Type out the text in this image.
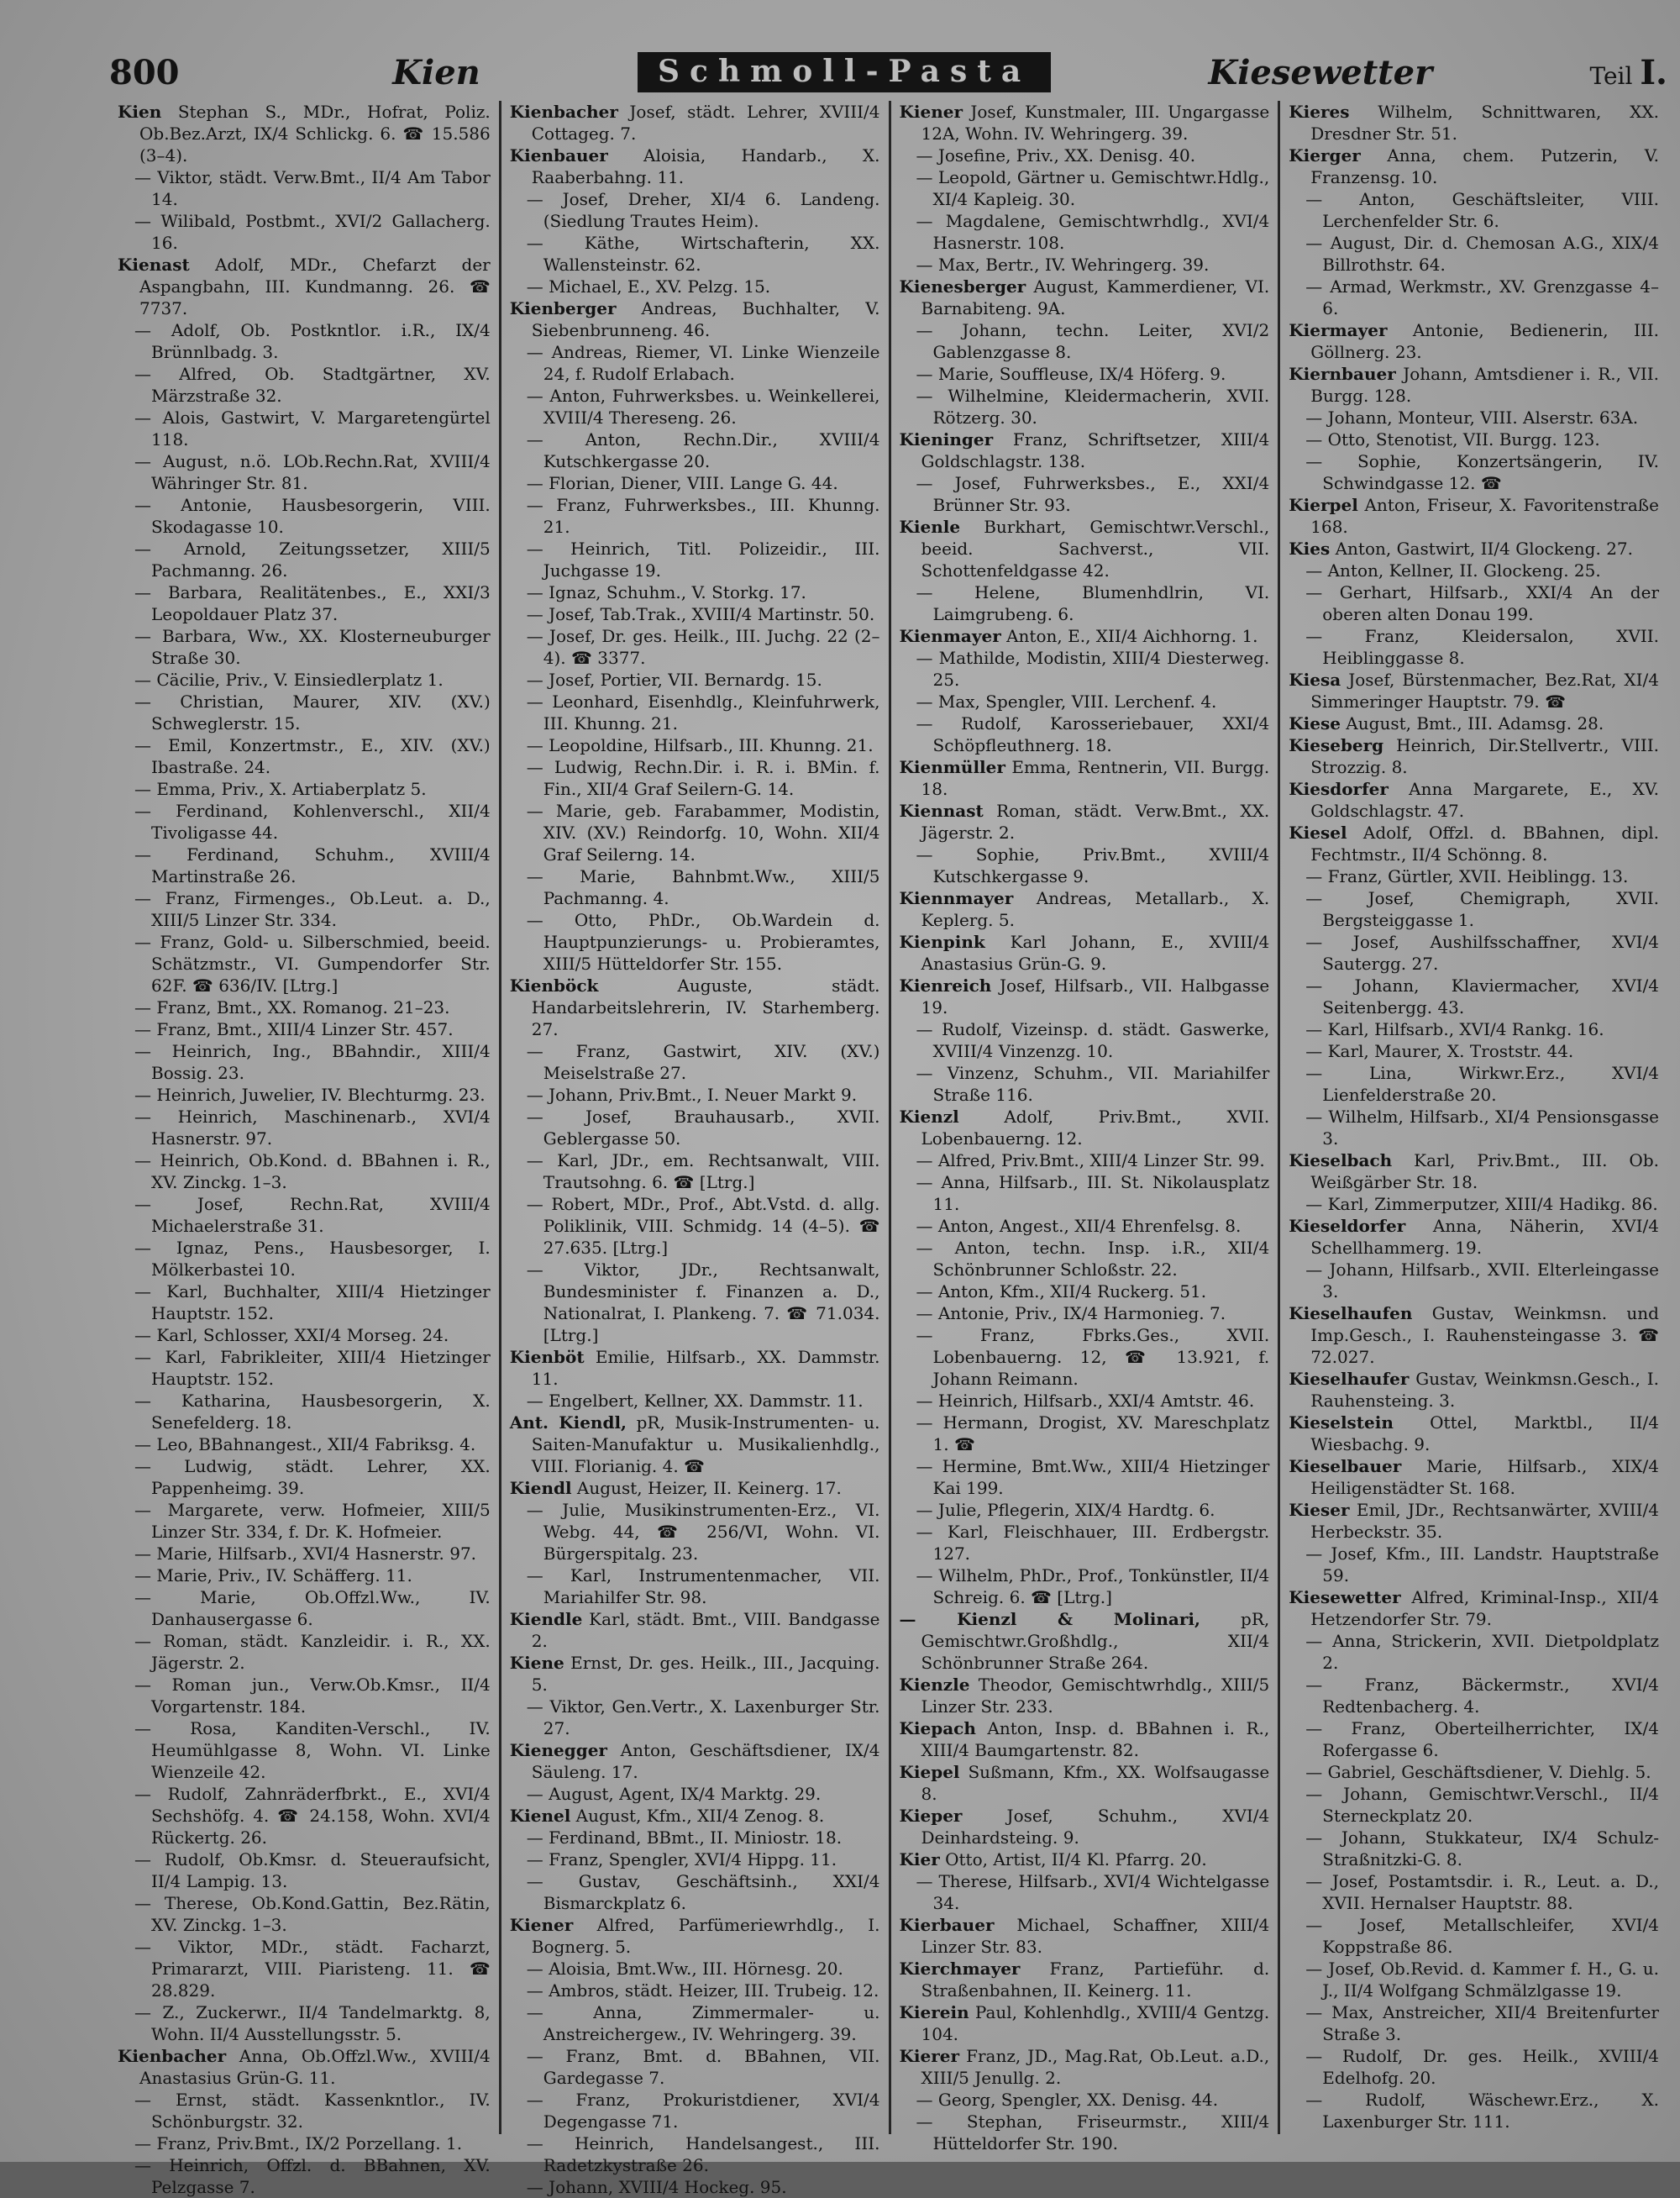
800	Kien	Schmoll-Pasta	Kiesewetter	Teil I.
Kien Stephan S., MDr., Hofrat, Poliz. Ob.Bez.Arzt, IX/4 Schlickg. 6. ☎ 15.586 (3–4).
— Viktor, städt. Verw.Bmt., II/4 Am Tabor 14.
— Wilibald, Postbmt., XVI/2 Gallacherg. 16.
Kienast Adolf, MDr., Chefarzt der Aspangbahn, III. Kundmanng. 26. ☎ 7737.
— Adolf, Ob. Postkntlor. i.R., IX/4 Brünnlbadg. 3.
— Alfred, Ob. Stadtgärtner, XV. Märzstraße 32.
— Alois, Gastwirt, V. Margaretengürtel 118.
— August, n.ö. LOb.Rechn.Rat, XVIII/4 Währinger Str. 81.
— Antonie, Hausbesorgerin, VIII. Skodagasse 10.
— Arnold, Zeitungssetzer, XIII/5 Pachmanng. 26.
— Barbara, Realitätenbes., E., XXI/3 Leopoldauer Platz 37.
— Barbara, Ww., XX. Klosterneuburger Straße 30.
— Cäcilie, Priv., V. Einsiedlerplatz 1.
— Christian, Maurer, XIV. (XV.) Schweglerstr. 15.
— Emil, Konzertmstr., E., XIV. (XV.) Ibastraße. 24.
— Emma, Priv., X. Artiaberplatz 5.
— Ferdinand, Kohlenverschl., XII/4 Tivoligasse 44.
— Ferdinand, Schuhm., XVIII/4 Martinstraße 26.
— Franz, Firmenges., Ob.Leut. a. D., XIII/5 Linzer Str. 334.
— Franz, Gold- u. Silberschmied, beeid. Schätzmstr., VI. Gumpendorfer Str. 62F. ☎ 636/IV. [Ltrg.]
— Franz, Bmt., XX. Romanog. 21–23.
— Franz, Bmt., XIII/4 Linzer Str. 457.
— Heinrich, Ing., BBahndir., XIII/4 Bossig. 23.
— Heinrich, Juwelier, IV. Blechturmg. 23.
— Heinrich, Maschinenarb., XVI/4 Hasnerstr. 97.
— Heinrich, Ob.Kond. d. BBahnen i. R., XV. Zinckg. 1–3.
— Josef, Rechn.Rat, XVIII/4 Michaelerstraße 31.
— Ignaz, Pens., Hausbesorger, I. Mölkerbastei 10.
— Karl, Buchhalter, XIII/4 Hietzinger Hauptstr. 152.
— Karl, Schlosser, XXI/4 Morseg. 24.
— Karl, Fabrikleiter, XIII/4 Hietzinger Hauptstr. 152.
— Katharina, Hausbesorgerin, X. Senefelderg. 18.
— Leo, BBahnangest., XII/4 Fabriksg. 4.
— Ludwig, städt. Lehrer, XX. Pappenheimg. 39.
— Margarete, verw. Hofmeier, XIII/5 Linzer Str. 334, f. Dr. K. Hofmeier.
— Marie, Hilfsarb., XVI/4 Hasnerstr. 97.
— Marie, Priv., IV. Schäfferg. 11.
— Marie, Ob.Offzl.Ww., IV. Danhausergasse 6.
— Roman, städt. Kanzleidir. i. R., XX. Jägerstr. 2.
— Roman jun., Verw.Ob.Kmsr., II/4 Vorgartenstr. 184.
— Rosa, Kanditen-Verschl., IV. Heumühlgasse 8, Wohn. VI. Linke Wienzeile 42.
— Rudolf, Zahnräderfbrkt., E., XVI/4 Sechshöfg. 4. ☎ 24.158, Wohn. XVI/4 Rückertg. 26.
— Rudolf, Ob.Kmsr. d. Steueraufsicht, II/4 Lampig. 13.
— Therese, Ob.Kond.Gattin, Bez.Rätin, XV. Zinckg. 1–3.
— Viktor, MDr., städt. Facharzt, Primararzt, VIII. Piaristeng. 11. ☎ 28.829.
— Z., Zuckerwr., II/4 Tandelmarktg. 8, Wohn. II/4 Ausstellungsstr. 5.
Kienbacher Anna, Ob.Offzl.Ww., XVIII/4 Anastasius Grün-G. 11.
— Ernst, städt. Kassenkntlor., IV. Schönburgstr. 32.
— Franz, Priv.Bmt., IX/2 Porzellang. 1.
— Heinrich, Offzl. d. BBahnen, XV. Pelzgasse 7.
Kienbacher Josef, städt. Lehrer, XVIII/4 Cottageg. 7.
Kienbauer Aloisia, Handarb., X. Raaberbahng. 11.
— Josef, Dreher, XI/4 6. Landeng. (Siedlung Trautes Heim).
— Käthe, Wirtschafterin, XX. Wallensteinstr. 62.
— Michael, E., XV. Pelzg. 15.
Kienberger Andreas, Buchhalter, V. Siebenbrunneng. 46.
— Andreas, Riemer, VI. Linke Wienzeile 24, f. Rudolf Erlabach.
— Anton, Fuhrwerksbes. u. Weinkellerei, XVIII/4 Thereseng. 26.
— Anton, Rechn.Dir., XVIII/4 Kutschkergasse 20.
— Florian, Diener, VIII. Lange G. 44.
— Franz, Fuhrwerksbes., III. Khunng. 21.
— Heinrich, Titl. Polizeidir., III. Juchgasse 19.
— Ignaz, Schuhm., V. Storkg. 17.
— Josef, Tab.Trak., XVIII/4 Martinstr. 50.
— Josef, Dr. ges. Heilk., III. Juchg. 22 (2–4). ☎ 3377.
— Josef, Portier, VII. Bernardg. 15.
— Leonhard, Eisenhdlg., Kleinfuhrwerk, III. Khunng. 21.
— Leopoldine, Hilfsarb., III. Khunng. 21.
— Ludwig, Rechn.Dir. i. R. i. BMin. f. Fin., XII/4 Graf Seilern-G. 14.
— Marie, geb. Farabammer, Modistin, XIV. (XV.) Reindorfg. 10, Wohn. XII/4 Graf Seilerng. 14.
— Marie, Bahnbmt.Ww., XIII/5 Pachmanng. 4.
— Otto, PhDr., Ob.Wardein d. Hauptpunzierungs- u. Probieramtes, XIII/5 Hütteldorfer Str. 155.
Kienböck Auguste, städt. Handarbeitslehrerin, IV. Starhemberg. 27.
— Franz, Gastwirt, XIV. (XV.) Meiselstraße 27.
— Johann, Priv.Bmt., I. Neuer Markt 9.
— Josef, Brauhausarb., XVII. Geblergasse 50.
— Karl, JDr., em. Rechtsanwalt, VIII. Trautsohng. 6. ☎ [Ltrg.]
— Robert, MDr., Prof., Abt.Vstd. d. allg. Poliklinik, VIII. Schmidg. 14 (4–5). ☎ 27.635. [Ltrg.]
— Viktor, JDr., Rechtsanwalt, Bundesminister f. Finanzen a. D., Nationalrat, I. Plankeng. 7. ☎ 71.034. [Ltrg.]
Kienböt Emilie, Hilfsarb., XX. Dammstr. 11.
— Engelbert, Kellner, XX. Dammstr. 11.
Ant. Kiendl, pR, Musik-Instrumenten- u. Saiten-Manufaktur u. Musikalienhdlg., VIII. Florianig. 4. ☎
Kiendl August, Heizer, II. Keinerg. 17.
— Julie, Musikinstrumenten-Erz., VI. Webg. 44, ☎ 256/VI, Wohn. VI. Bürgerspitalg. 23.
— Karl, Instrumentenmacher, VII. Mariahilfer Str. 98.
Kiendle Karl, städt. Bmt., VIII. Bandgasse 2.
Kiene Ernst, Dr. ges. Heilk., III., Jacquing. 5.
— Viktor, Gen.Vertr., X. Laxenburger Str. 27.
Kienegger Anton, Geschäftsdiener, IX/4 Säuleng. 17.
— August, Agent, IX/4 Marktg. 29.
Kienel August, Kfm., XII/4 Zenog. 8.
— Ferdinand, BBmt., II. Miniostr. 18.
— Franz, Spengler, XVI/4 Hippg. 11.
— Gustav, Geschäftsinh., XXI/4 Bismarckplatz 6.
Kiener Alfred, Parfümeriewrhdlg., I. Bognerg. 5.
— Aloisia, Bmt.Ww., III. Hörnesg. 20.
— Ambros, städt. Heizer, III. Trubeig. 12.
— Anna, Zimmermaler- u. Anstreichergew., IV. Wehringerg. 39.
— Franz, Bmt. d. BBahnen, VII. Gardegasse 7.
— Franz, Prokuristdiener, XVI/4 Degengasse 71.
— Heinrich, Handelsangest., III. Radetzkystraße 26.
— Johann, XVIII/4 Hockeg. 95.
Kiener Josef, Kunstmaler, III. Ungargasse 12A, Wohn. IV. Wehringerg. 39.
— Josefine, Priv., XX. Denisg. 40.
— Leopold, Gärtner u. Gemischtwr.Hdlg., XI/4 Kapleig. 30.
— Magdalene, Gemischtwrhdlg., XVI/4 Hasnerstr. 108.
— Max, Bertr., IV. Wehringerg. 39.
Kienesberger August, Kammerdiener, VI. Barnabiteng. 9A.
— Johann, techn. Leiter, XVI/2 Gablenzgasse 8.
— Marie, Souffleuse, IX/4 Höferg. 9.
— Wilhelmine, Kleidermacherin, XVII. Rötzerg. 30.
Kieninger Franz, Schriftsetzer, XIII/4 Goldschlagstr. 138.
— Josef, Fuhrwerksbes., E., XXI/4 Brünner Str. 93.
Kienle Burkhart, Gemischtwr.Verschl., beeid. Sachverst., VII. Schottenfeldgasse 42.
— Helene, Blumenhdlrin, VI. Laimgrubeng. 6.
Kienmayer Anton, E., XII/4 Aichhorng. 1.
— Mathilde, Modistin, XIII/4 Diesterweg. 25.
— Max, Spengler, VIII. Lerchenf. 4.
— Rudolf, Karosseriebauer, XXI/4 Schöpfleuthnerg. 18.
Kienmüller Emma, Rentnerin, VII. Burgg. 18.
Kiennast Roman, städt. Verw.Bmt., XX. Jägerstr. 2.
— Sophie, Priv.Bmt., XVIII/4 Kutschkergasse 9.
Kiennmayer Andreas, Metallarb., X. Keplerg. 5.
Kienpink Karl Johann, E., XVIII/4 Anastasius Grün-G. 9.
Kienreich Josef, Hilfsarb., VII. Halbgasse 19.
— Rudolf, Vizeinsp. d. städt. Gaswerke, XVIII/4 Vinzenzg. 10.
— Vinzenz, Schuhm., VII. Mariahilfer Straße 116.
Kienzl Adolf, Priv.Bmt., XVII. Lobenbauerng. 12.
— Alfred, Priv.Bmt., XIII/4 Linzer Str. 99.
— Anna, Hilfsarb., III. St. Nikolausplatz 11.
— Anton, Angest., XII/4 Ehrenfelsg. 8.
— Anton, techn. Insp. i.R., XII/4 Schönbrunner Schloßstr. 22.
— Anton, Kfm., XII/4 Ruckerg. 51.
— Antonie, Priv., IX/4 Harmonieg. 7.
— Franz, Fbrks.Ges., XVII. Lobenbauerng. 12, ☎ 13.921, f. Johann Reimann.
— Heinrich, Hilfsarb., XXI/4 Amtstr. 46.
— Hermann, Drogist, XV. Mareschplatz 1. ☎
— Hermine, Bmt.Ww., XIII/4 Hietzinger Kai 199.
— Julie, Pflegerin, XIX/4 Hardtg. 6.
— Karl, Fleischhauer, III. Erdbergstr. 127.
— Wilhelm, PhDr., Prof., Tonkünstler, II/4 Schreig. 6. ☎ [Ltrg.]
— Kienzl & Molinari, pR, Gemischtwr.Großhdlg., XII/4 Schönbrunner Straße 264.
Kienzle Theodor, Gemischtwrhdlg., XIII/5 Linzer Str. 233.
Kiepach Anton, Insp. d. BBahnen i. R., XIII/4 Baumgartenstr. 82.
Kiepel Sußmann, Kfm., XX. Wolfsaugasse 8.
Kieper Josef, Schuhm., XVI/4 Deinhardsteing. 9.
Kier Otto, Artist, II/4 Kl. Pfarrg. 20.
— Therese, Hilfsarb., XVI/4 Wichtelgasse 34.
Kierbauer Michael, Schaffner, XIII/4 Linzer Str. 83.
Kierchmayer Franz, Partieführ. d. Straßenbahnen, II. Keinerg. 11.
Kierein Paul, Kohlenhdlg., XVIII/4 Gentzg. 104.
Kierer Franz, JD., Mag.Rat, Ob.Leut. a.D., XIII/5 Jenullg. 2.
— Georg, Spengler, XX. Denisg. 44.
— Stephan, Friseurmstr., XIII/4 Hütteldorfer Str. 190.
Kieres Wilhelm, Schnittwaren, XX. Dresdner Str. 51.
Kierger Anna, chem. Putzerin, V. Franzensg. 10.
— Anton, Geschäftsleiter, VIII. Lerchenfelder Str. 6.
— August, Dir. d. Chemosan A.G., XIX/4 Billrothstr. 64.
— Armad, Werkmstr., XV. Grenzgasse 4–6.
Kiermayer Antonie, Bedienerin, III. Göllnerg. 23.
Kiernbauer Johann, Amtsdiener i. R., VII. Burgg. 128.
— Johann, Monteur, VIII. Alserstr. 63A.
— Otto, Stenotist, VII. Burgg. 123.
— Sophie, Konzertsängerin, IV. Schwindgasse 12. ☎
Kierpel Anton, Friseur, X. Favoritenstraße 168.
Kies Anton, Gastwirt, II/4 Glockeng. 27.
— Anton, Kellner, II. Glockeng. 25.
— Gerhart, Hilfsarb., XXI/4 An der oberen alten Donau 199.
— Franz, Kleidersalon, XVII. Heiblinggasse 8.
Kiesa Josef, Bürstenmacher, Bez.Rat, XI/4 Simmeringer Hauptstr. 79. ☎
Kiese August, Bmt., III. Adamsg. 28.
Kieseberg Heinrich, Dir.Stellvertr., VIII. Strozzig. 8.
Kiesdorfer Anna Margarete, E., XV. Goldschlagstr. 47.
Kiesel Adolf, Offzl. d. BBahnen, dipl. Fechtmstr., II/4 Schönng. 8.
— Franz, Gürtler, XVII. Heiblingg. 13.
— Josef, Chemigraph, XVII. Bergsteiggasse 1.
— Josef, Aushilfsschaffner, XVI/4 Sautergg. 27.
— Johann, Klaviermacher, XVI/4 Seitenbergg. 43.
— Karl, Hilfsarb., XVI/4 Rankg. 16.
— Karl, Maurer, X. Troststr. 44.
— Lina, Wirkwr.Erz., XVI/4 Lienfelderstraße 20.
— Wilhelm, Hilfsarb., XI/4 Pensionsgasse 3.
Kieselbach Karl, Priv.Bmt., III. Ob. Weißgärber Str. 18.
— Karl, Zimmerputzer, XIII/4 Hadikg. 86.
Kieseldorfer Anna, Näherin, XVI/4 Schellhammerg. 19.
— Johann, Hilfsarb., XVII. Elterleingasse 3.
Kieselhaufen Gustav, Weinkmsn. und Imp.Gesch., I. Rauhensteingasse 3. ☎ 72.027.
Kieselhaufer Gustav, Weinkmsn.Gesch., I. Rauhensteing. 3.
Kieselstein Ottel, Marktbl., II/4 Wiesbachg. 9.
Kieselbauer Marie, Hilfsarb., XIX/4 Heiligenstädter St. 168.
Kieser Emil, JDr., Rechtsanwärter, XVIII/4 Herbeckstr. 35.
— Josef, Kfm., III. Landstr. Hauptstraße 59.
Kiesewetter Alfred, Kriminal-Insp., XII/4 Hetzendorfer Str. 79.
— Anna, Strickerin, XVII. Dietpoldplatz 2.
— Franz, Bäckermstr., XVI/4 Redtenbacherg. 4.
— Franz, Oberteilherrichter, IX/4 Rofergasse 6.
— Gabriel, Geschäftsdiener, V. Diehlg. 5.
— Johann, Gemischtwr.Verschl., II/4 Sterneckplatz 20.
— Johann, Stukkateur, IX/4 Schulz-Straßnitzki-G. 8.
— Josef, Postamtsdir. i. R., Leut. a. D., XVII. Hernalser Hauptstr. 88.
— Josef, Metallschleifer, XVI/4 Koppstraße 86.
— Josef, Ob.Revid. d. Kammer f. H., G. u. J., II/4 Wolfgang Schmälzlgasse 19.
— Max, Anstreicher, XII/4 Breitenfurter Straße 3.
— Rudolf, Dr. ges. Heilk., XVIII/4 Edelhofg. 20.
— Rudolf, Wäschewr.Erz., X. Laxenburger Str. 111.
